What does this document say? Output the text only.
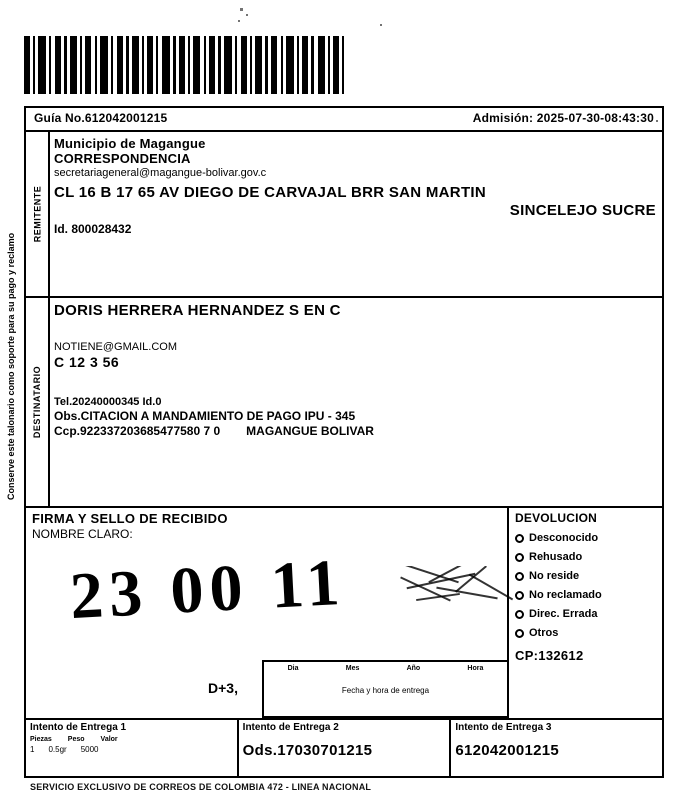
Guía No.612042001215	Admisión: 2025-07-30-08:43:30
REMITENTE
Municipio de Magangue
CORRESPONDENCIA
secretariageneral@magangue-bolivar.gov.c
CL 16 B 17 65 AV DIEGO DE CARVAJAL BRR SAN MARTIN
SINCELEJO SUCRE
Id. 800028432
DESTINATARIO
DORIS HERRERA HERNANDEZ S EN C
NOTIENE@GMAIL.COM
C 12 3 56
Tel.20240000345 Id.0
Obs.CITACION A MANDAMIENTO DE PAGO IPU - 345
Ccp.922337203685477580 7 0 MAGANGUE BOLIVAR
FIRMA Y SELLO DE RECIBIDO
NOMBRE CLARO:
23 00 11
D+3,
Dia	Mes	Año	Hora
Fecha y hora de entrega
DEVOLUCION
Desconocido
Rehusado
No reside
No reclamado
Direc. Errada
Otros
CP:132612
Intento de Entrega 1
Piezas Peso Valor
1 0.5gr 5000
Intento de Entrega 2
Ods.17030701215
Intento de Entrega 3
612042001215
Conserve este talonario como soporte para su pago y reclamo
SERVICIO EXCLUSIVO DE CORREOS DE COLOMBIA 472 - LINEA NACIONAL
